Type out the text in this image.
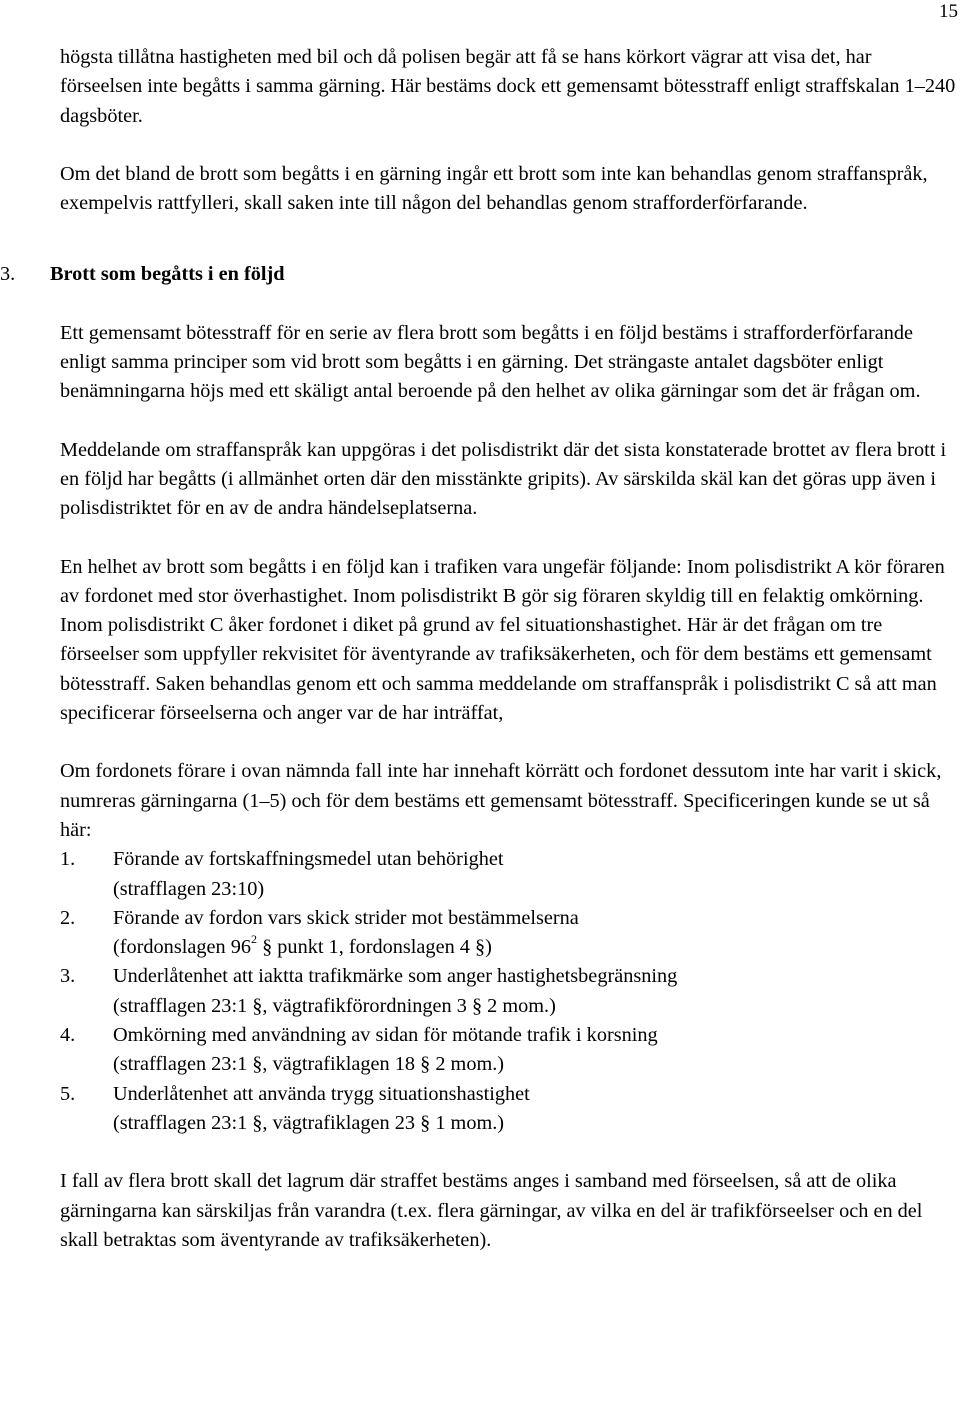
15

högsta tillåtna hastigheten med bil och då polisen begär att få se hans körkort vägrar att visa det, har förseelsen inte begåtts i samma gärning. Här bestäms dock ett gemensamt bötesstraff enligt straffskalan 1–240 dagsböter.

Om det bland de brott som begåtts i en gärning ingår ett brott som inte kan behandlas genom straffanspråk, exempelvis rattfylleri, skall saken inte till någon del behandlas genom strafforderförfarande.

3. Brott som begåtts i en följd

Ett gemensamt bötesstraff för en serie av flera brott som begåtts i en följd bestäms i strafforderförfarande enligt samma principer som vid brott som begåtts i en gärning. Det strängaste antalet dagsböter enligt benämningarna höjs med ett skäligt antal beroende på den helhet av olika gärningar som det är frågan om.

Meddelande om straffanspråk kan uppgöras i det polisdistrikt där det sista konstaterade brottet av flera brott i en följd har begåtts (i allmänhet orten där den misstänkte gripits). Av särskilda skäl kan det göras upp även i polisdistriktet för en av de andra händelseplatserna.

En helhet av brott som begåtts i en följd kan i trafiken vara ungefär följande: Inom polisdistrikt A kör föraren av fordonet med stor överhastighet. Inom polisdistrikt B gör sig föraren skyldig till en felaktig omkörning. Inom polisdistrikt C åker fordonet i diket på grund av fel situationshastighet. Här är det frågan om tre förseelser som uppfyller rekvisitet för äventyrande av trafiksäkerheten, och för dem bestäms ett gemensamt bötesstraff. Saken behandlas genom ett och samma meddelande om straffanspråk i polisdistrikt C så att man specificerar förseelserna och anger var de har inträffat,

Om fordonets förare i ovan nämnda fall inte har innehaft körrätt och fordonet dessutom inte har varit i skick, numreras gärningarna (1–5) och för dem bestäms ett gemensamt bötesstraff. Specificeringen kunde se ut så här:

1. Förande av fortskaffningsmedel utan behörighet
(strafflagen 23:10)
2. Förande av fordon vars skick strider mot bestämmelserna
(fordonslagen $96^2$ § punkt 1, fordonslagen 4 §)
3. Underlåtenhet att iaktta trafikmärke som anger hastighetsbegränsning
(strafflagen 23:1 §, vägtrafikförordningen 3 § 2 mom.)
4. Omkörning med användning av sidan för mötande trafik i korsning
(strafflagen 23:1 §, vägtrafiklagen 18 § 2 mom.)
5. Underlåtenhet att använda trygg situationshastighet
(strafflagen 23:1 §, vägtrafiklagen 23 § 1 mom.)

I fall av flera brott skall det lagrum där straffet bestäms anges i samband med förseelsen, så att de olika gärningarna kan särskiljas från varandra (t.ex. flera gärningar, av vilka en del är trafikförseelser och en del skall betraktas som äventyrande av trafiksäkerheten).
